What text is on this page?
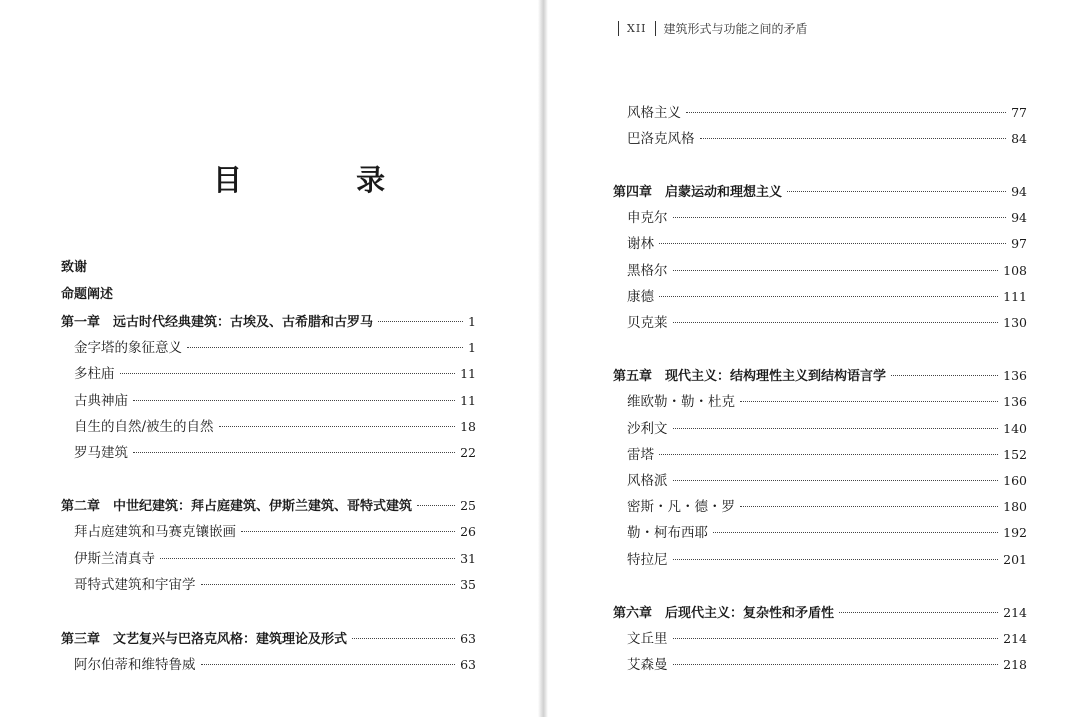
目 录
致谢
命题阐述
第一章　远古时代经典建筑：古埃及、古希腊和古罗马	1
金字塔的象征意义	1
多柱庙	11
古典神庙	11
自生的自然/被生的自然	18
罗马建筑	22
第二章　中世纪建筑：拜占庭建筑、伊斯兰建筑、哥特式建筑	25
拜占庭建筑和马赛克镶嵌画	26
伊斯兰清真寺	31
哥特式建筑和宇宙学	35
第三章　文艺复兴与巴洛克风格：建筑理论及形式	63
阿尔伯蒂和维特鲁威	63
XII 建筑形式与功能之间的矛盾
风格主义	77
巴洛克风格	84
第四章　启蒙运动和理想主义	94
申克尔	94
谢林	97
黑格尔	108
康德	111
贝克莱	130
第五章　现代主义：结构理性主义到结构语言学	136
维欧勒・勒・杜克	136
沙利文	140
雷塔	152
风格派	160
密斯・凡・德・罗	180
勒・柯布西耶	192
特拉尼	201
第六章　后现代主义：复杂性和矛盾性	214
文丘里	214
艾森曼	218
